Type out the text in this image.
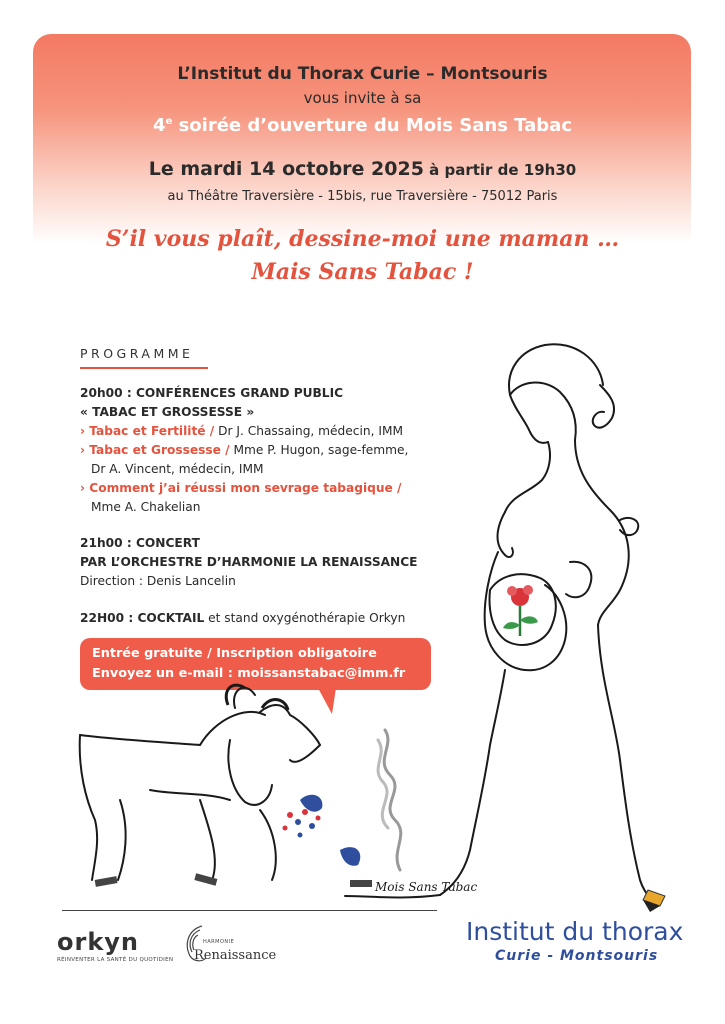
L’Institut du Thorax Curie – Montsouris
vous invite à sa
4e soirée d’ouverture du Mois Sans Tabac
Le mardi 14 octobre 2025 à partir de 19h30
au Théâtre Traversière - 15bis, rue Traversière - 75012 Paris
S’il vous plaît, dessine-moi une maman …
Mais Sans Tabac !
PROGRAMME
20h00 : CONFÉRENCES GRAND PUBLIC
« TABAC ET GROSSESSE »
› Tabac et Fertilité / Dr J. Chassaing, médecin, IMM
› Tabac et Grossesse / Mme P. Hugon, sage-femme,
Dr A. Vincent, médecin, IMM
› Comment j’ai réussi mon sevrage tabagique /
Mme A. Chakelian
21h00 : CONCERT
PAR L’ORCHESTRE D’HARMONIE LA RENAISSANCE
Direction : Denis Lancelin
22H00 : COCKTAIL et stand oxygénothérapie Orkyn
Entrée gratuite / Inscription obligatoire
Envoyez un e-mail : moissanstabac@imm.fr
Mois Sans Tabac
orkyn
RÉINVENTER LA SANTÉ DU QUOTIDIEN
HARMONIE
Renaissance
Institut du thorax
Curie - Montsouris
